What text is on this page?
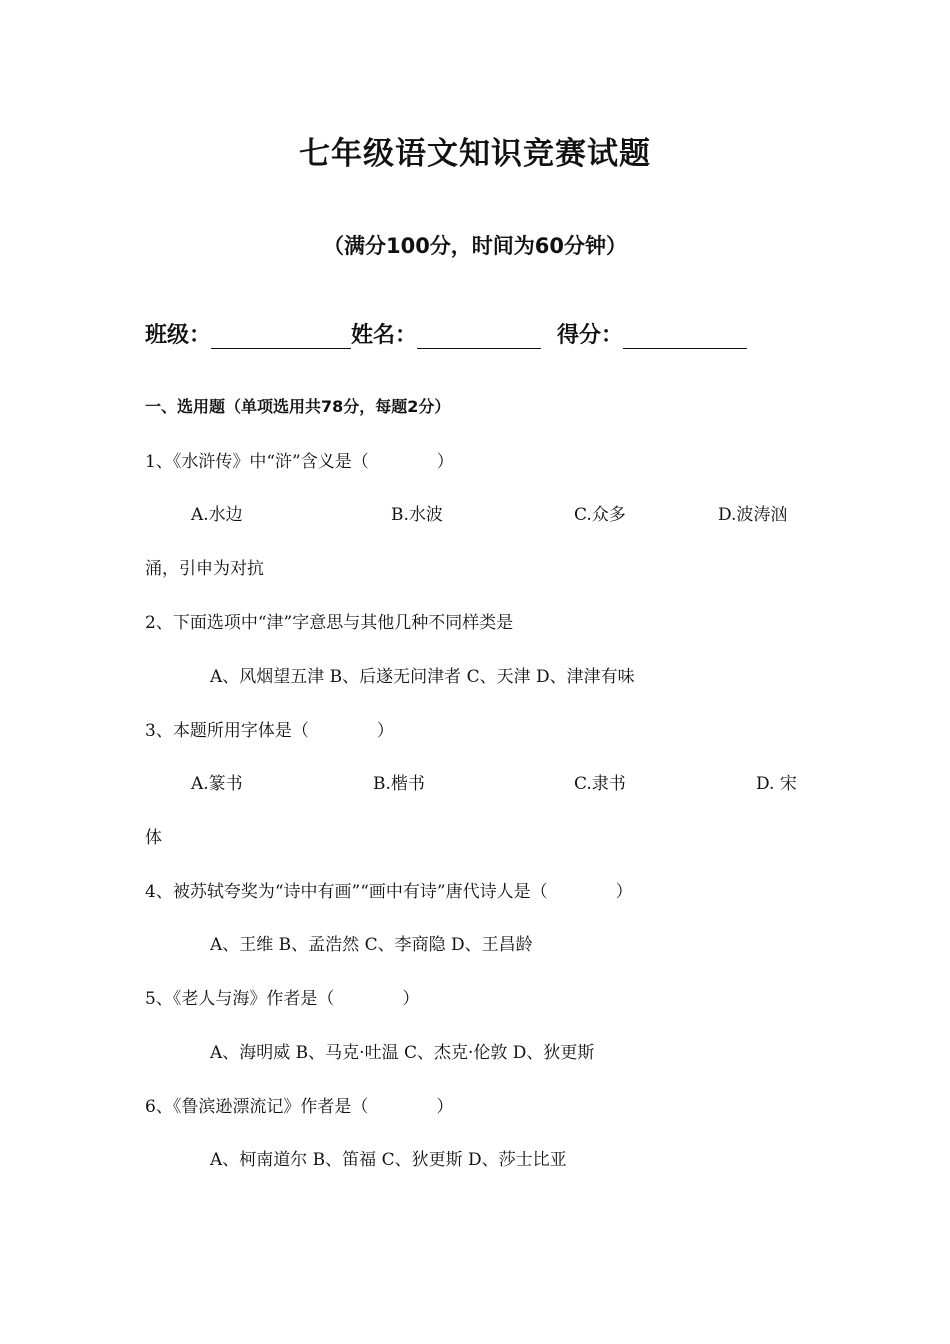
七年级语文知识竞赛试题
（满分100分，时间为60分钟）
班级：	姓名：	得分：
一、选用题（单项选用共78分，每题2分）
1、《水浒传》中“浒”含义是（　　　　）
A.水边	B.水波	C.众多	D.波涛汹
涌，引申为对抗
2、下面选项中“津”字意思与其他几种不同样类是
A、风烟望五津 B、后遂无问津者 C、天津 D、津津有味
3、本题所用字体是（　　　　）
A.篆书	B.楷书	C.隶书	D. 宋
体
4、被苏轼夸奖为“诗中有画”“画中有诗”唐代诗人是（　　　　）
A、王维 B、孟浩然 C、李商隐 D、王昌龄
5、《老人与海》作者是（　　　　）
A、海明威 B、马克·吐温 C、杰克·伦敦 D、狄更斯
6、《鲁滨逊漂流记》作者是（　　　　）
A、柯南道尔 B、笛福 C、狄更斯 D、莎士比亚
